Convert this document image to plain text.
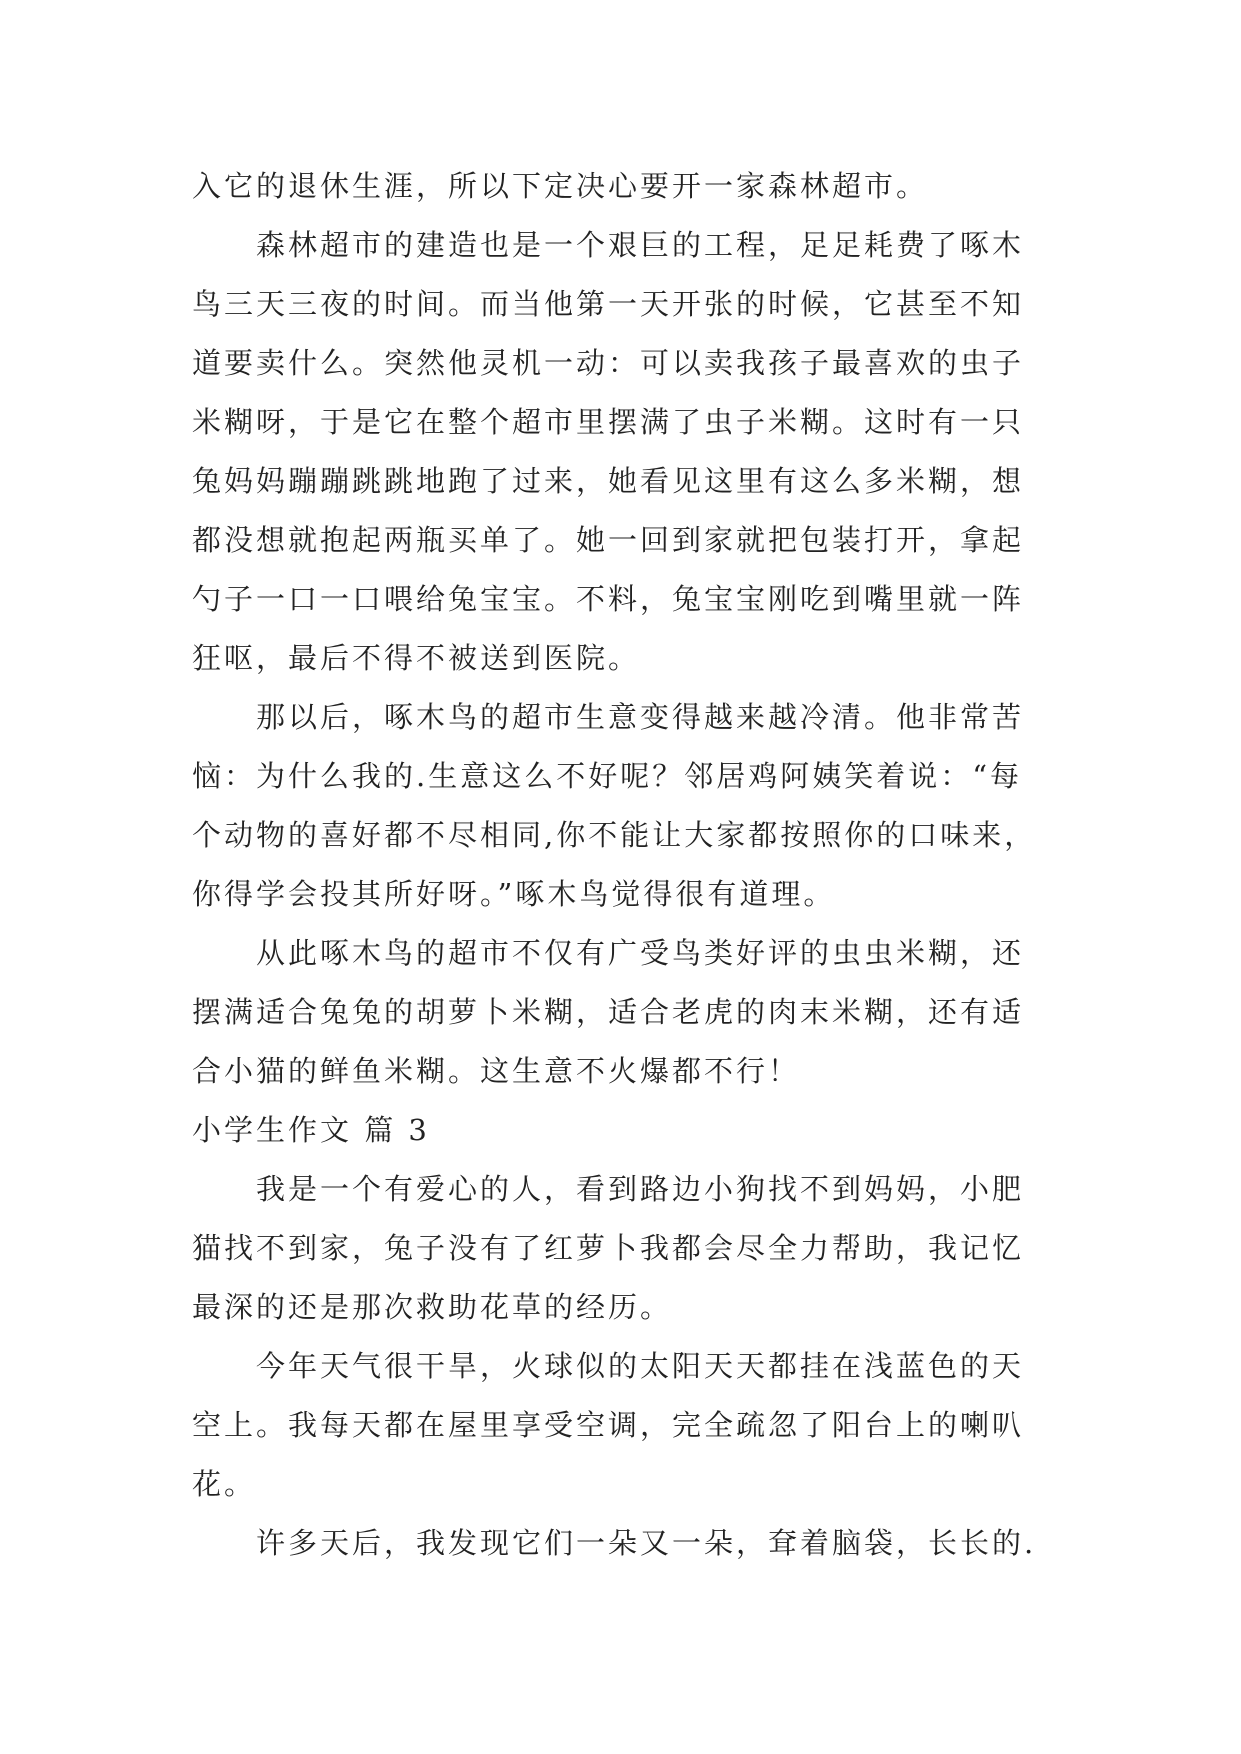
入它的退休生涯，所以下定决心要开一家森林超市。
森林超市的建造也是一个艰巨的工程，足足耗费了啄木
鸟三天三夜的时间。而当他第一天开张的时候，它甚至不知
道要卖什么。突然他灵机一动：可以卖我孩子最喜欢的虫子
米糊呀，于是它在整个超市里摆满了虫子米糊。这时有一只
兔妈妈蹦蹦跳跳地跑了过来，她看见这里有这么多米糊，想
都没想就抱起两瓶买单了。她一回到家就把包装打开，拿起
勺子一口一口喂给兔宝宝。不料，兔宝宝刚吃到嘴里就一阵
狂呕，最后不得不被送到医院。
那以后，啄木鸟的超市生意变得越来越冷清。他非常苦
恼：为什么我的.生意这么不好呢？邻居鸡阿姨笑着说：“每
个动物的喜好都不尽相同,你不能让大家都按照你的口味来，
你得学会投其所好呀。”啄木鸟觉得很有道理。
从此啄木鸟的超市不仅有广受鸟类好评的虫虫米糊，还
摆满适合兔兔的胡萝卜米糊，适合老虎的肉末米糊，还有适
合小猫的鲜鱼米糊。这生意不火爆都不行！
小学生作文 篇 3
我是一个有爱心的人，看到路边小狗找不到妈妈，小肥
猫找不到家，兔子没有了红萝卜我都会尽全力帮助，我记忆
最深的还是那次救助花草的经历。
今年天气很干旱，火球似的太阳天天都挂在浅蓝色的天
空上。我每天都在屋里享受空调，完全疏忽了阳台上的喇叭
花。
许多天后，我发现它们一朵又一朵，耷着脑袋，长长的.
